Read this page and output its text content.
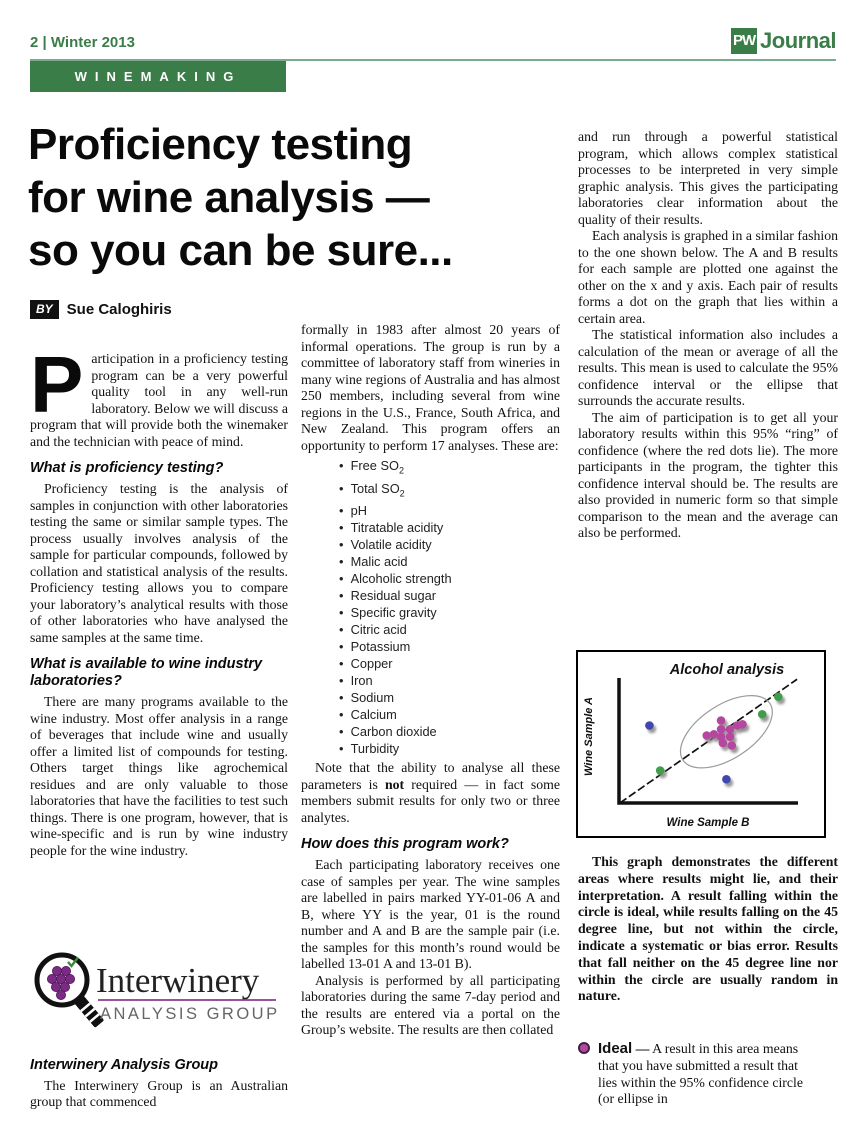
2 | Winter 2013	PW Journal
WINEMAKING
Proficiency testing
for wine analysis —
so you can be sure...
BY Sue Caloghiris

Participation in a proficiency testing program can be a very powerful quality tool in any well-run laboratory. Below we will discuss a program that will provide both the winemaker and the technician with peace of mind.

What is proficiency testing?

Proficiency testing is the analysis of samples in conjunction with other laboratories testing the same or similar sample types. The process usually involves analysis of the sample for particular compounds, followed by collation and statistical analysis of the results. Proficiency testing allows you to compare your laboratory’s analytical results with those of other laboratories who have analysed the same samples at the same time.

What is available to wine industry laboratories?

There are many programs available to the wine industry. Most offer analysis in a range of beverages that include wine and usually offer a limited list of compounds for testing. Others target things like agrochemical residues and are only valuable to those laboratories that have the facilities to test such things. There is one program, however, that is wine-specific and is run by wine industry people for the wine industry.

Interwinery
ANALYSIS GROUP
Interwinery Analysis Group

The Interwinery Group is an Australian group that commenced

formally in 1983 after almost 20 years of informal operations. The group is run by a committee of laboratory staff from wineries in many wine regions of Australia and has almost 250 members, including several from wine regions in the U.S., France, South Africa, and New Zealand. This program offers an opportunity to perform 17 analyses. These are:

•  Free $SO_2$
•  Total $SO_2$
•  pH
•  Titratable acidity
•  Volatile acidity
•  Malic acid
•  Alcoholic strength
•  Residual sugar
•  Specific gravity
•  Citric acid
•  Potassium
•  Copper
•  Iron
•  Sodium
•  Calcium
•  Carbon dioxide
•  Turbidity

Note that the ability to analyse all these parameters is not required — in fact some members submit results for only two or three analytes.

How does this program work?

Each participating laboratory receives one case of samples per year. The wine samples are labelled in pairs marked YY-01-06 A and B, where YY is the year, 01 is the round number and A and B are the sample pair (i.e. the samples for this month’s round would be labelled 13-01 A and 13-01 B).

Analysis is performed by all participating laboratories during the same 7-day period and the results are entered via a portal on the Group’s website. The results are then collated

and run through a powerful statistical program, which allows complex statistical processes to be interpreted in very simple graphic analysis. This gives the participating laboratories clear information about the quality of their results.

Each analysis is graphed in a similar fashion to the one shown below. The A and B results for each sample are plotted one against the other on the x and y axis. Each pair of results forms a dot on the graph that lies within a certain area.

The statistical information also includes a calculation of the mean or average of all the results. This mean is used to calculate the 95% confidence interval or the ellipse that surrounds the accurate results.

The aim of participation is to get all your laboratory results within this 95% “ring” of confidence (where the red dots lie). The more participants in the program, the tighter this confidence interval should be. The results are also provided in numeric form so that simple comparison to the mean and the average can also be performed.

Alcohol analysis
Wine Sample A
Wine Sample B

This graph demonstrates the different areas where results might lie, and their interpretation. A result falling within the circle is ideal, while results falling on the 45 degree line, but not within the circle, indicate a systematic or bias error. Results that fall neither on the 45 degree line nor within the circle are usually random in nature.

Ideal — A result in this area means that you have submitted a result that lies within the 95% confidence circle (or ellipse in
